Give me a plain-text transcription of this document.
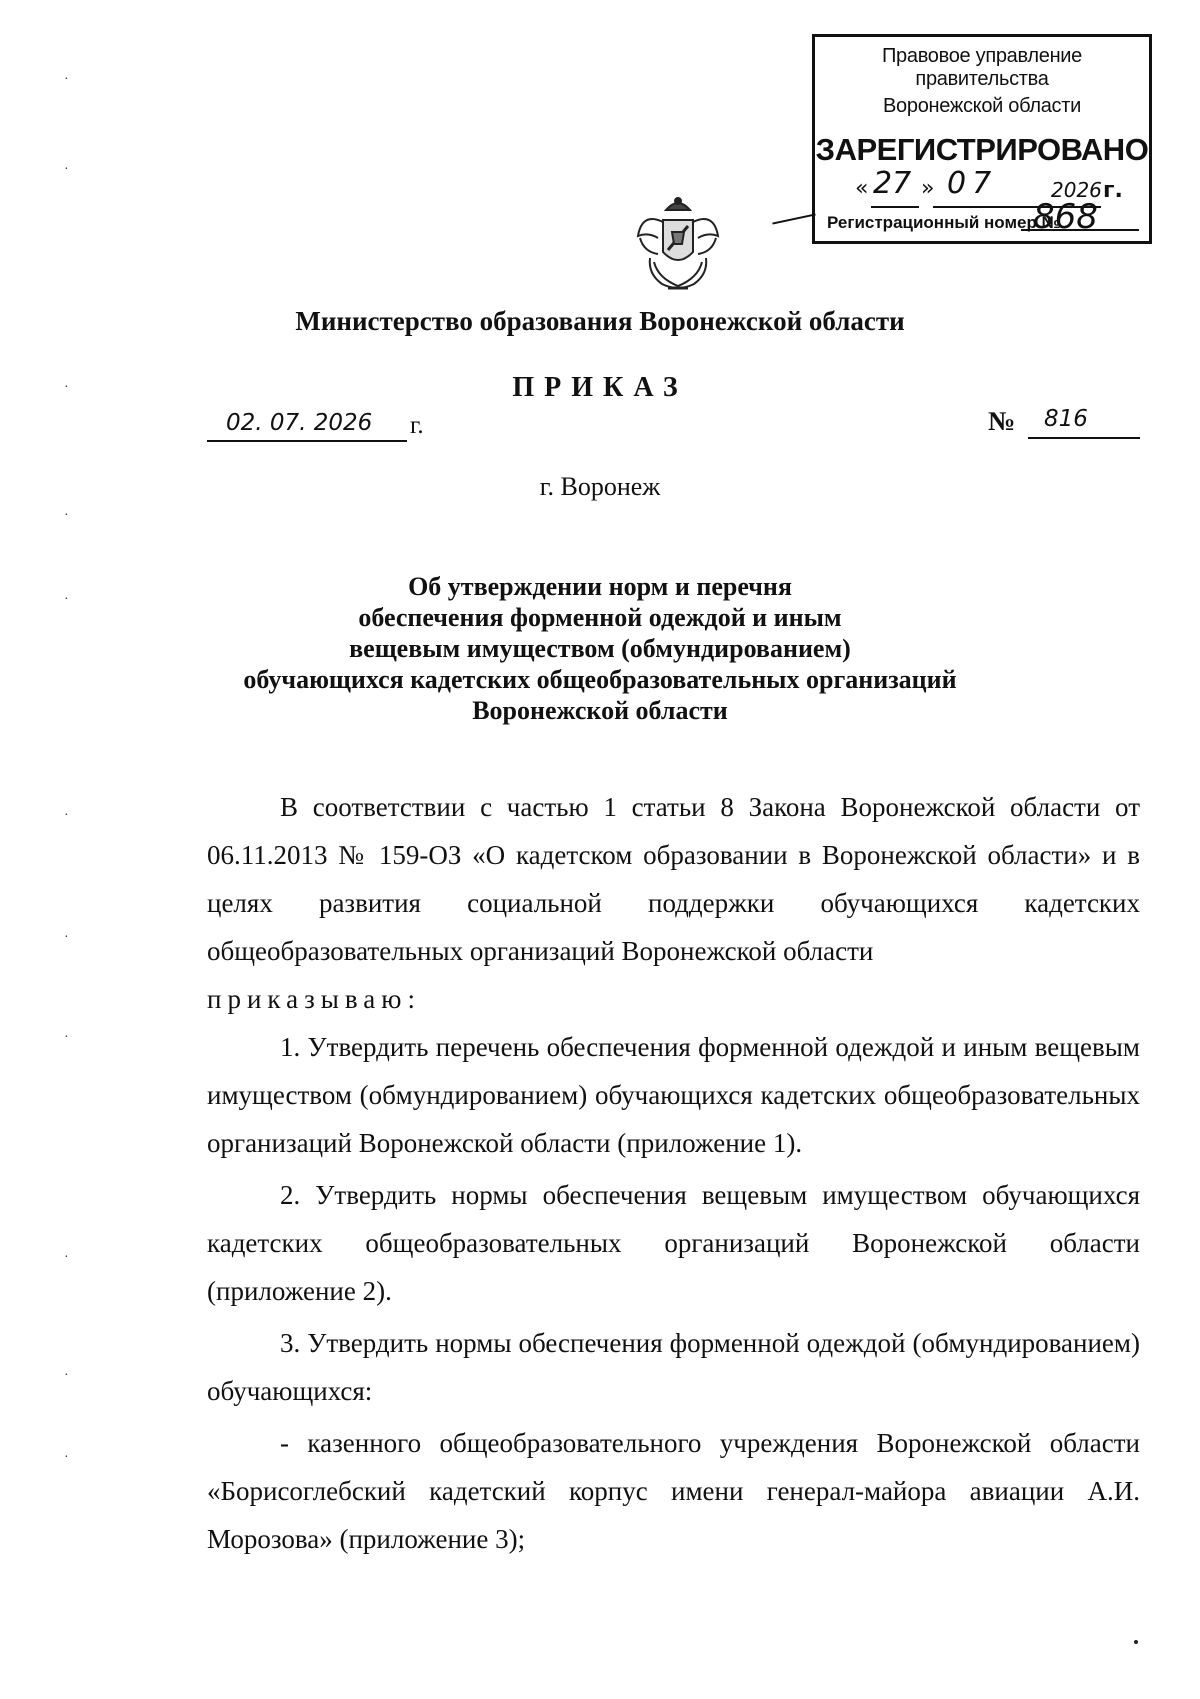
Правовое управление правительства
Воронежской области
ЗАРЕГИСТРИРОВАНО
« 27 » 07	2026 г.
Регистрационный номер №
868
Министерство образования Воронежской области
ПРИКАЗ
02. 07. 2026 г.	№ 816
г. Воронеж
Об утверждении норм и перечня
обеспечения форменной одеждой и иным
вещевым имуществом (обмундированием)
обучающихся кадетских общеобразовательных организаций
Воронежской области

В соответствии с частью 1 статьи 8 Закона Воронежской области от 06.11.2013 № 159-ОЗ «О кадетском образовании в Воронежской области» и в целях развития социальной поддержки обучающихся кадетских общеобразовательных организаций Воронежской области

приказываю:

1. Утвердить перечень обеспечения форменной одеждой и иным вещевым имуществом (обмундированием) обучающихся кадетских общеобразовательных организаций Воронежской области (приложение 1).

2. Утвердить нормы обеспечения вещевым имуществом обучающихся кадетских общеобразовательных организаций Воронежской области (приложение 2).

3. Утвердить нормы обеспечения форменной одеждой (обмундированием) обучающихся:

- казенного общеобразовательного учреждения Воронежской области «Борисоглебский кадетский корпус имени генерал-майора авиации А.И. Морозова» (приложение 3);

·
·
·
·
·
·
·
·
·
·
·
